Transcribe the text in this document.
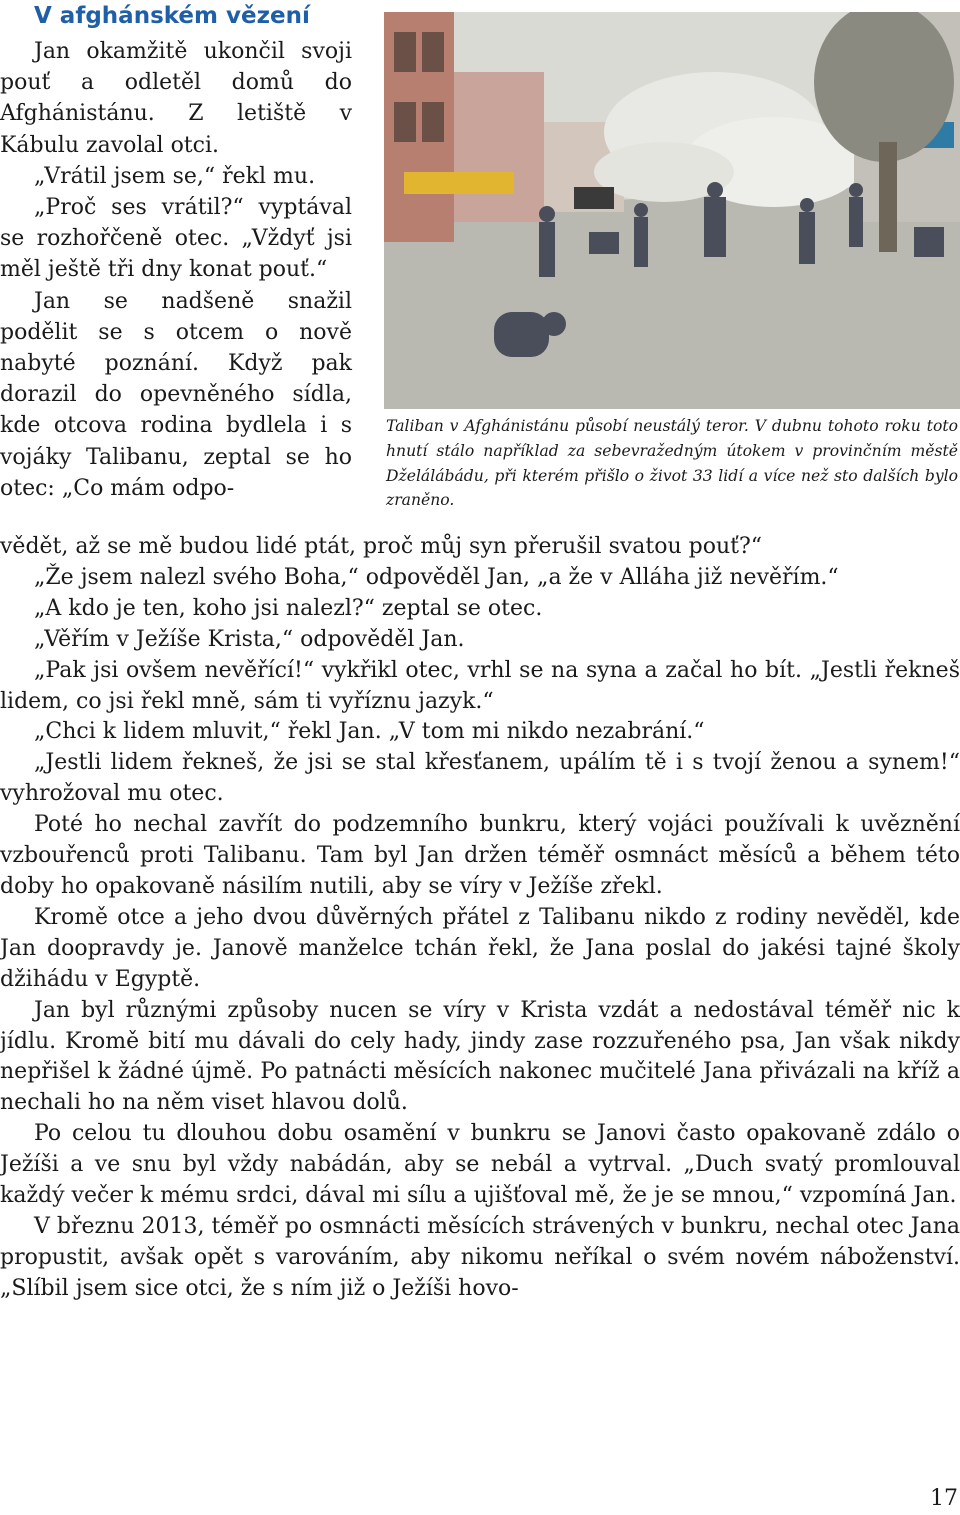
V afghánském vězení

Jan okamžitě ukončil svoji pouť a odletěl domů do Afghánistánu. Z letiště v Kábulu zavolal otci.

„Vrátil jsem se,“ řekl mu.

„Proč ses vrátil?“ vyptával se rozhořčeně otec. „Vždyť jsi měl ještě tři dny konat pouť.“

Jan se nadšeně snažil podělit se s otcem o nově nabyté poznání. Když pak dorazil do opevněného sídla, kde otcova rodina bydlela i s vojáky Talibanu, zeptal se ho otec: „Co mám odpo-

Taliban v Afghánistánu působí neustálý teror. V dubnu tohoto roku toto hnutí stálo například za sebevražedným útokem v provinčním městě Dželálábádu, při kterém přišlo o život 33 lidí a více než sto dalších bylo zraněno.

vědět, až se mě budou lidé ptát, proč můj syn přerušil svatou pouť?“

„Že jsem nalezl svého Boha,“ odpověděl Jan, „a že v Alláha již nevěřím.“

„A kdo je ten, koho jsi nalezl?“ zeptal se otec.

„Věřím v Ježíše Krista,“ odpověděl Jan.

„Pak jsi ovšem nevěřící!“ vykřikl otec, vrhl se na syna a začal ho bít. „Jestli řekneš lidem, co jsi řekl mně, sám ti vyříznu jazyk.“

„Chci k lidem mluvit,“ řekl Jan. „V tom mi nikdo nezabrání.“

„Jestli lidem řekneš, že jsi se stal křesťanem, upálím tě i s tvojí ženou a synem!“ vyhrožoval mu otec.

Poté ho nechal zavřít do podzemního bunkru, který vojáci používali k uvěznění vzbouřenců proti Talibanu. Tam byl Jan držen téměř osmnáct měsíců a během této doby ho opakovaně násilím nutili, aby se víry v Ježíše zřekl.

Kromě otce a jeho dvou důvěrných přátel z Talibanu nikdo z rodiny nevěděl, kde Jan doopravdy je. Janově manželce tchán řekl, že Jana poslal do jakési tajné školy džihádu v Egyptě.

Jan byl různými způsoby nucen se víry v Krista vzdát a nedostával téměř nic k jídlu. Kromě bití mu dávali do cely hady, jindy zase rozzuřeného psa, Jan však nikdy nepřišel k žádné újmě. Po patnácti měsících nakonec mučitelé Jana přivázali na kříž a nechali ho na něm viset hlavou dolů.

Po celou tu dlouhou dobu osamění v bunkru se Janovi často opakovaně zdálo o Ježíši a ve snu byl vždy nabádán, aby se nebál a vytrval. „Duch svatý promlouval každý večer k mému srdci, dával mi sílu a ujišťoval mě, že je se mnou,“ vzpomíná Jan.

V březnu 2013, téměř po osmnácti měsících strávených v bunkru, nechal otec Jana propustit, avšak opět s varováním, aby nikomu neříkal o svém novém náboženství. „Slíbil jsem sice otci, že s ním již o Ježíši hovo-

17
